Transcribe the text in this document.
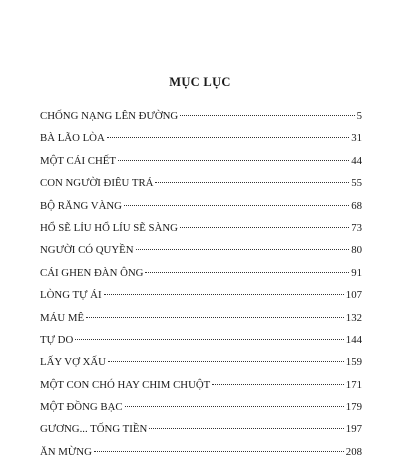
MỤC LỤC
CHỐNG NẠNG LÊN ĐƯỜNG	5
BÀ LÃO LÒA	31
MỘT CÁI CHẾT	44
CON NGƯỜI ĐIÊU TRÁ	55
BỘ RĂNG VÀNG	68
HỔ SẼ LỈU HỔ LÍU SẼ SÀNG	73
NGƯỜI CÓ QUYỀN	80
CÁI GHEN ĐÀN ÔNG	91
LÒNG TỰ ÁI	107
MÁU MÊ	132
TỰ DO	144
LẤY VỢ XẤU	159
MỘT CON CHÓ HAY CHIM CHUỘT	171
MỘT ĐỒNG BẠC	179
GƯƠNG... TỐNG TIỀN	197
ĂN MỪNG	208
